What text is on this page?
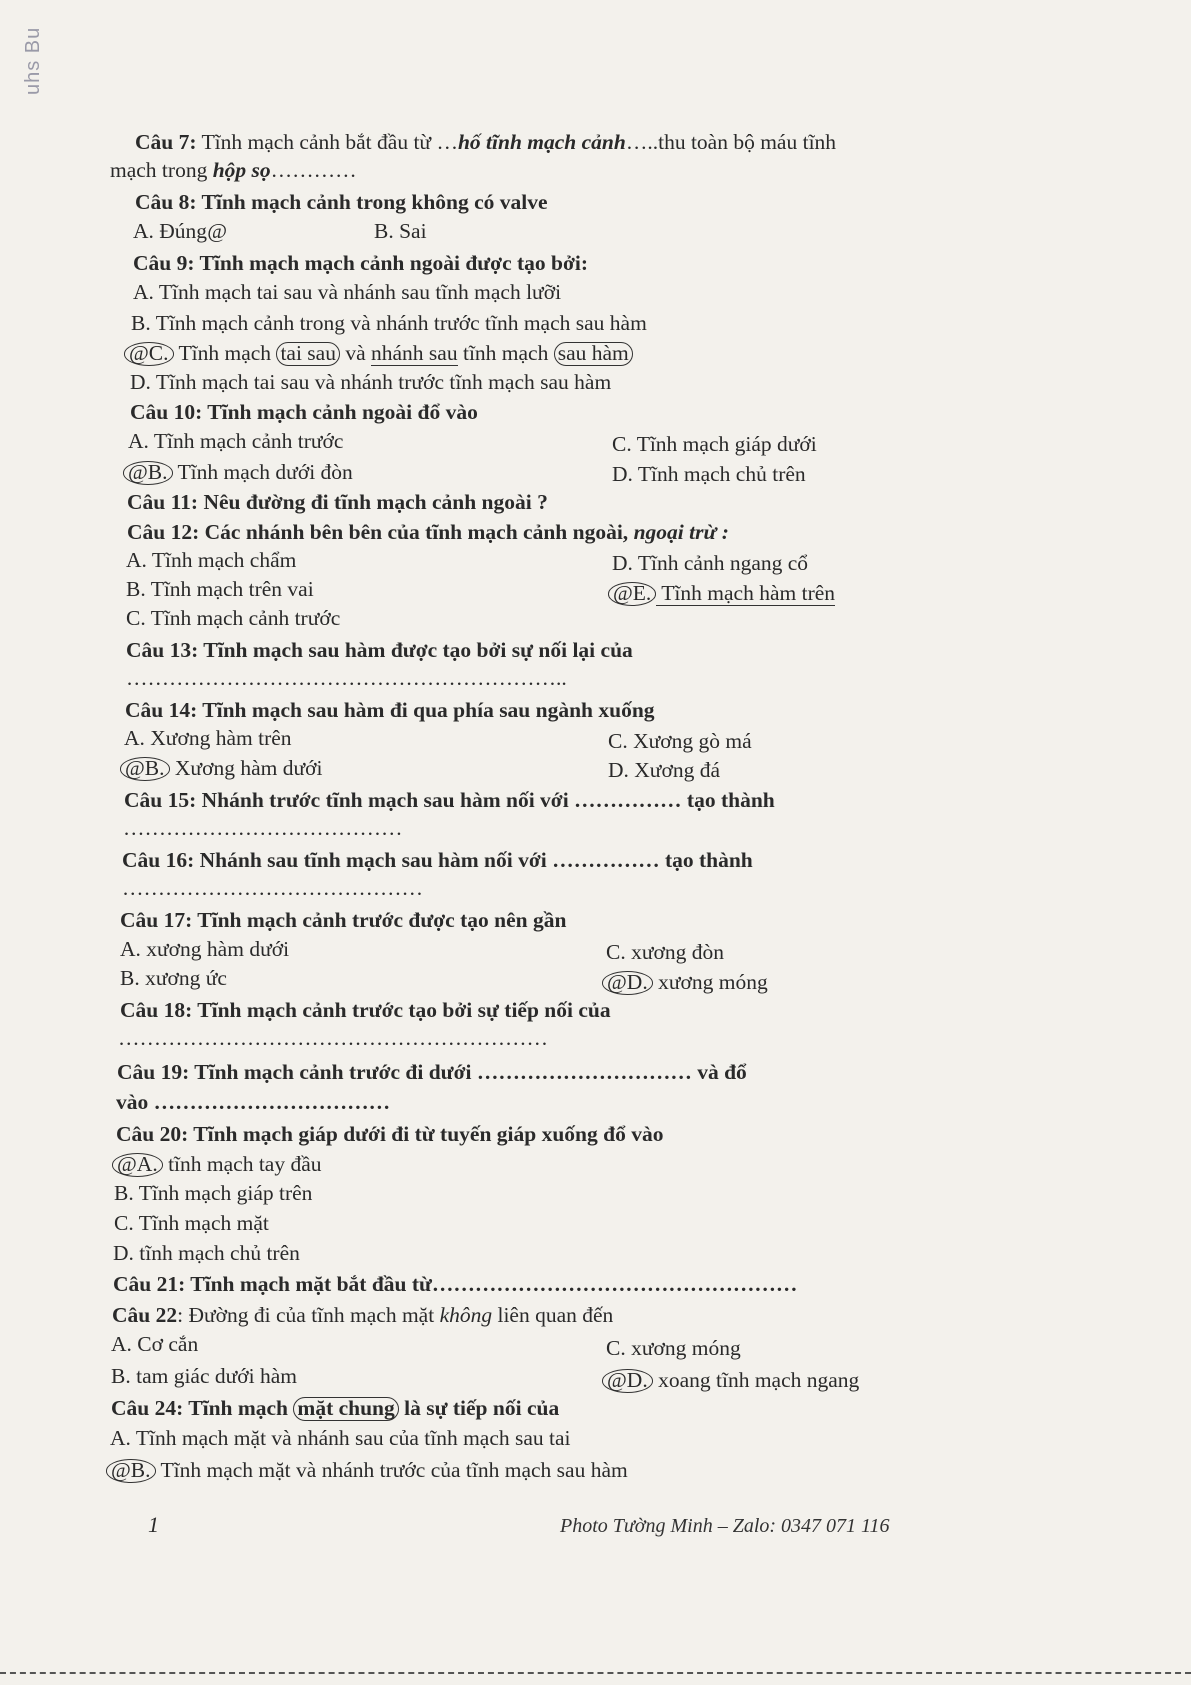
uhs Bu
Câu 7: Tĩnh mạch cảnh bắt đầu từ …hố tĩnh mạch cảnh…..thu toàn bộ máu tĩnh
mạch trong hộp sọ…………
Câu 8: Tĩnh mạch cảnh trong không có valve
A. Đúng@	B. Sai
Câu 9: Tĩnh mạch mạch cảnh ngoài được tạo bởi:
A. Tĩnh mạch tai sau và nhánh sau tĩnh mạch lưỡi
B. Tĩnh mạch cảnh trong và nhánh trước tĩnh mạch sau hàm
@C. Tĩnh mạch tai sau và nhánh sau tĩnh mạch sau hàm
D. Tĩnh mạch tai sau và nhánh trước tĩnh mạch sau hàm
Câu 10: Tĩnh mạch cảnh ngoài đổ vào
A. Tĩnh mạch cảnh trước	C. Tĩnh mạch giáp dưới
@B. Tĩnh mạch dưới đòn	D. Tĩnh mạch chủ trên
Câu 11: Nêu đường đi tĩnh mạch cảnh ngoài ?
Câu 12: Các nhánh bên bên của tĩnh mạch cảnh ngoài, ngoại trừ :
A. Tĩnh mạch chẩm	D. Tĩnh cảnh ngang cổ
B. Tĩnh mạch trên vai	@E. Tĩnh mạch hàm trên
C. Tĩnh mạch cảnh trước
Câu 13: Tĩnh mạch sau hàm được tạo bởi sự nối lại của
……………………………………………………..
Câu 14: Tĩnh mạch sau hàm đi qua phía sau ngành xuống
A. Xương hàm trên	C. Xương gò má
@B. Xương hàm dưới	D. Xương đá
Câu 15: Nhánh trước tĩnh mạch sau hàm nối với …………… tạo thành
…………………………………
Câu 16: Nhánh sau tĩnh mạch sau hàm nối với …………… tạo thành
……………………………………
Câu 17: Tĩnh mạch cảnh trước được tạo nên gần
A. xương hàm dưới	C. xương đòn
B. xương ức	@D. xương móng
Câu 18: Tĩnh mạch cảnh trước tạo bởi sự tiếp nối của
……………………………………………………
Câu 19: Tĩnh mạch cảnh trước đi dưới ………………………… và đổ
vào ……………………………
Câu 20: Tĩnh mạch giáp dưới đi từ tuyến giáp xuống đổ vào
@A. tĩnh mạch tay đầu
B. Tĩnh mạch giáp trên
C. Tĩnh mạch mặt
D. tĩnh mạch chủ trên
Câu 21: Tĩnh mạch mặt bắt đầu từ……………………………………………
Câu 22: Đường đi của tĩnh mạch mặt không liên quan đến
A. Cơ cắn	C. xương móng
B. tam giác dưới hàm	@D. xoang tĩnh mạch ngang
Câu 24: Tĩnh mạch mặt chung là sự tiếp nối của
A. Tĩnh mạch mặt và nhánh sau của tĩnh mạch sau tai
@B. Tĩnh mạch mặt và nhánh trước của tĩnh mạch sau hàm
1	Photo Tường Minh – Zalo: 0347 071 116
